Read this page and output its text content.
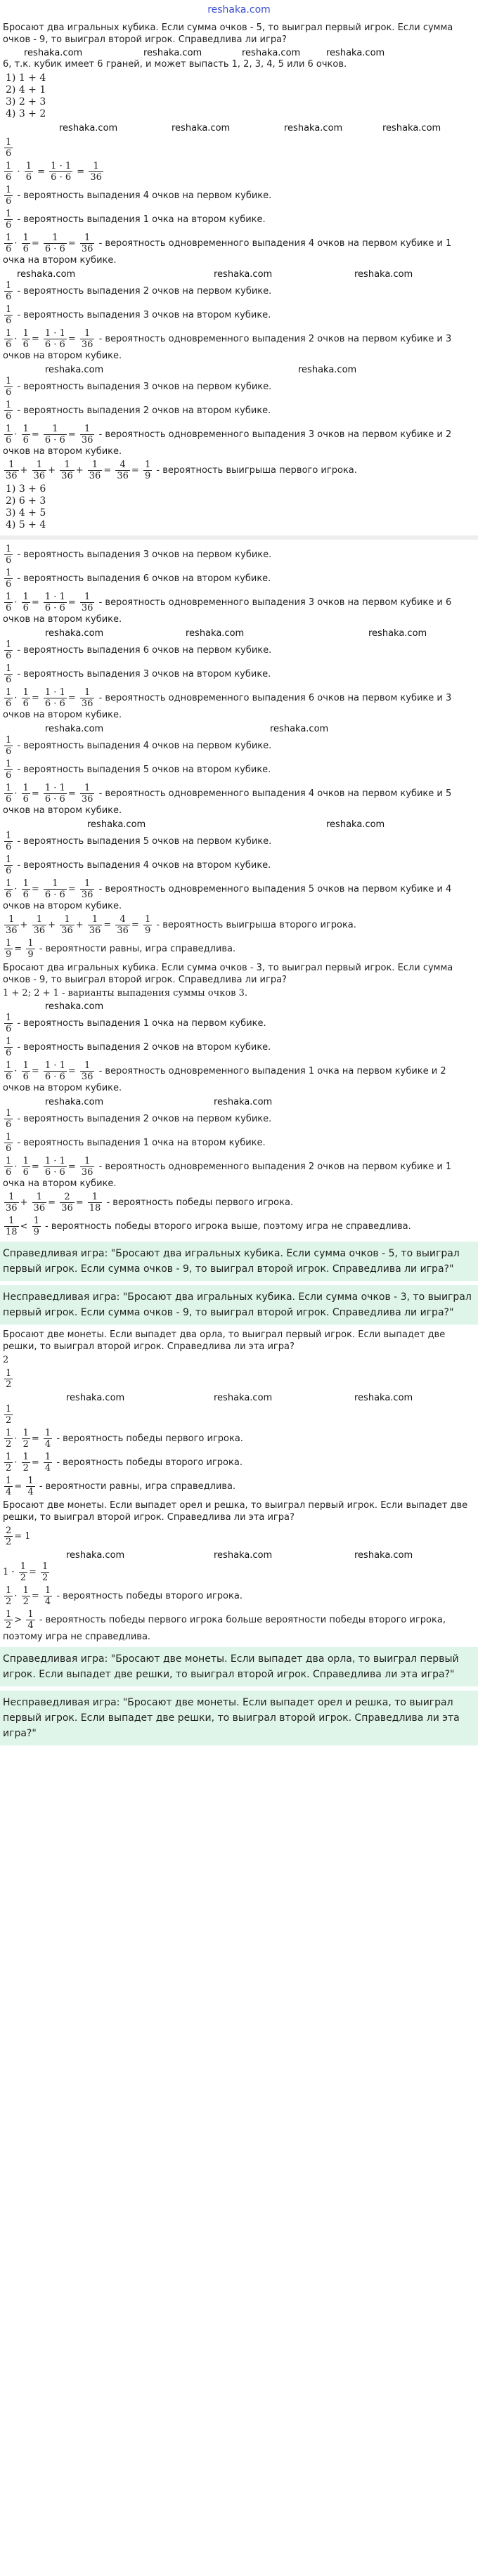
reshaka.com

Бросают два игральных кубика. Если сумма очков - 5, то выиграл первый игрок. Если сумма очков - 9, то выиграл второй игрок. Справедлива ли игра?

reshaka.com	reshaka.com	reshaka.com	reshaka.com

6, т.к. кубик имеет 6 граней, и может выпасть 1, 2, 3, 4, 5 или 6 очков.

1) 1 + 4
2) 4 + 1
3) 2 + 3
4) 3 + 2
reshaka.com	reshaka.com	reshaka.com	reshaka.com
$\frac{1}{6}$
$\frac{1}{6} \cdot \frac{1}{6} = \frac{1 \cdot 1}{6 \cdot 6} = \frac{1}{36}$
$\frac{1}{6}$ - вероятность выпадения 4 очков на первом кубике.
$\frac{1}{6}$ - вероятность выпадения 1 очка на втором кубике.
$\frac{1}{6} \cdot \frac{1}{6} = \frac{1}{6 \cdot 6} = \frac{1}{36}$ - вероятность одновременного выпадения 4 очков на первом кубике и 1 очка на втором кубике.
reshaka.com	reshaka.com	reshaka.com
$\frac{1}{6}$ - вероятность выпадения 2 очков на первом кубике.
$\frac{1}{6}$ - вероятность выпадения 3 очков на втором кубике.
$\frac{1}{6} \cdot \frac{1}{6} = \frac{1 \cdot 1}{6 \cdot 6} = \frac{1}{36}$ - вероятность одновременного выпадения 2 очков на первом кубике и 3 очков на втором кубике.
reshaka.com	reshaka.com
$\frac{1}{6}$ - вероятность выпадения 3 очков на первом кубике.
$\frac{1}{6}$ - вероятность выпадения 2 очков на втором кубике.
$\frac{1}{6} \cdot \frac{1}{6} = \frac{1}{6 \cdot 6} = \frac{1}{36}$ - вероятность одновременного выпадения 3 очков на первом кубике и 2 очков на втором кубике.
$\frac{1}{36} + \frac{1}{36} + \frac{1}{36} + \frac{1}{36} = \frac{4}{36} = \frac{1}{9}$ - вероятность выигрыша первого игрока.
1) 3 + 6
2) 6 + 3
3) 4 + 5
4) 5 + 4
$\frac{1}{6}$ - вероятность выпадения 3 очков на первом кубике.
$\frac{1}{6}$ - вероятность выпадения 6 очков на втором кубике.
$\frac{1}{6} \cdot \frac{1}{6} = \frac{1 \cdot 1}{6 \cdot 6} = \frac{1}{36}$ - вероятность одновременного выпадения 3 очков на первом кубике и 6 очков на втором кубике.
reshaka.com	reshaka.com	reshaka.com
$\frac{1}{6}$ - вероятность выпадения 6 очков на первом кубике.
$\frac{1}{6}$ - вероятность выпадения 3 очков на втором кубике.
$\frac{1}{6} \cdot \frac{1}{6} = \frac{1 \cdot 1}{6 \cdot 6} = \frac{1}{36}$ - вероятность одновременного выпадения 6 очков на первом кубике и 3 очков на втором кубике.
reshaka.com	reshaka.com
$\frac{1}{6}$ - вероятность выпадения 4 очков на первом кубике.
$\frac{1}{6}$ - вероятность выпадения 5 очков на втором кубике.
$\frac{1}{6} \cdot \frac{1}{6} = \frac{1 \cdot 1}{6 \cdot 6} = \frac{1}{36}$ - вероятность одновременного выпадения 4 очков на первом кубике и 5 очков на втором кубике.
reshaka.com	reshaka.com
$\frac{1}{6}$ - вероятность выпадения 5 очков на первом кубике.
$\frac{1}{6}$ - вероятность выпадения 4 очков на втором кубике.
$\frac{1}{6} \cdot \frac{1}{6} = \frac{1}{6 \cdot 6} = \frac{1}{36}$ - вероятность одновременного выпадения 5 очков на первом кубике и 4 очков на втором кубике.
$\frac{1}{36} + \frac{1}{36} + \frac{1}{36} + \frac{1}{36} = \frac{4}{36} = \frac{1}{9}$ - вероятность выигрыша второго игрока.
$\frac{1}{9} = \frac{1}{9}$ - вероятности равны, игра справедлива.

Бросают два игральных кубика. Если сумма очков - 3, то выиграл первый игрок. Если сумма очков - 9, то выиграл второй игрок. Справедлива ли игра?

1 + 2; 2 + 1 - варианты выпадения суммы очков 3.

reshaka.com
$\frac{1}{6}$ - вероятность выпадения 1 очка на первом кубике.
$\frac{1}{6}$ - вероятность выпадения 2 очков на втором кубике.
$\frac{1}{6} \cdot \frac{1}{6} = \frac{1 \cdot 1}{6 \cdot 6} = \frac{1}{36}$ - вероятность одновременного выпадения 1 очка на первом кубике и 2 очков на втором кубике.
reshaka.com	reshaka.com
$\frac{1}{6}$ - вероятность выпадения 2 очков на первом кубике.
$\frac{1}{6}$ - вероятность выпадения 1 очка на втором кубике.
$\frac{1}{6} \cdot \frac{1}{6} = \frac{1 \cdot 1}{6 \cdot 6} = \frac{1}{36}$ - вероятность одновременного выпадения 2 очков на первом кубике и 1 очка на втором кубике.
$\frac{1}{36} + \frac{1}{36} = \frac{2}{36} = \frac{1}{18}$ - вероятность победы первого игрока.
$\frac{1}{18} < \frac{1}{9}$ - вероятность победы второго игрока выше, поэтому игра не справедлива.

Справедливая игра: "Бросают два игральных кубика. Если сумма очков - 5, то выиграл первый игрок. Если сумма очков - 9, то выиграл второй игрок. Справедлива ли игра?"

Несправедливая игра: "Бросают два игральных кубика. Если сумма очков - 3, то выиграл первый игрок. Если сумма очков - 9, то выиграл второй игрок. Справедлива ли игра?"

Бросают две монеты. Если выпадет два орла, то выиграл первый игрок. Если выпадет две решки, то выиграл второй игрок. Справедлива ли эта игра?

2

$\frac{1}{2}$
reshaka.com	reshaka.com	reshaka.com
$\frac{1}{2}$
$\frac{1}{2} \cdot \frac{1}{2} = \frac{1}{4}$ - вероятность победы первого игрока.
$\frac{1}{2} \cdot \frac{1}{2} = \frac{1}{4}$ - вероятность победы второго игрока.
$\frac{1}{4} = \frac{1}{4}$ - вероятности равны, игра справедлива.

Бросают две монеты. Если выпадет орел и решка, то выиграл первый игрок. Если выпадет две решки, то выиграл второй игрок. Справедлива ли эта игра?

$\frac{2}{2} = 1$
reshaka.com	reshaka.com	reshaka.com
$1 \cdot \frac{1}{2} = \frac{1}{2}$
$\frac{1}{2} \cdot \frac{1}{2} = \frac{1}{4}$ - вероятность победы второго игрока.
$\frac{1}{2} > \frac{1}{4}$ - вероятность победы первого игрока больше вероятности победы второго игрока, поэтому игра не справедлива.

Справедливая игра: "Бросают две монеты. Если выпадет два орла, то выиграл первый игрок. Если выпадет две решки, то выиграл второй игрок. Справедлива ли эта игра?"

Несправедливая игра: "Бросают две монеты. Если выпадет орел и решка, то выиграл первый игрок. Если выпадет две решки, то выиграл второй игрок. Справедлива ли эта игра?"
